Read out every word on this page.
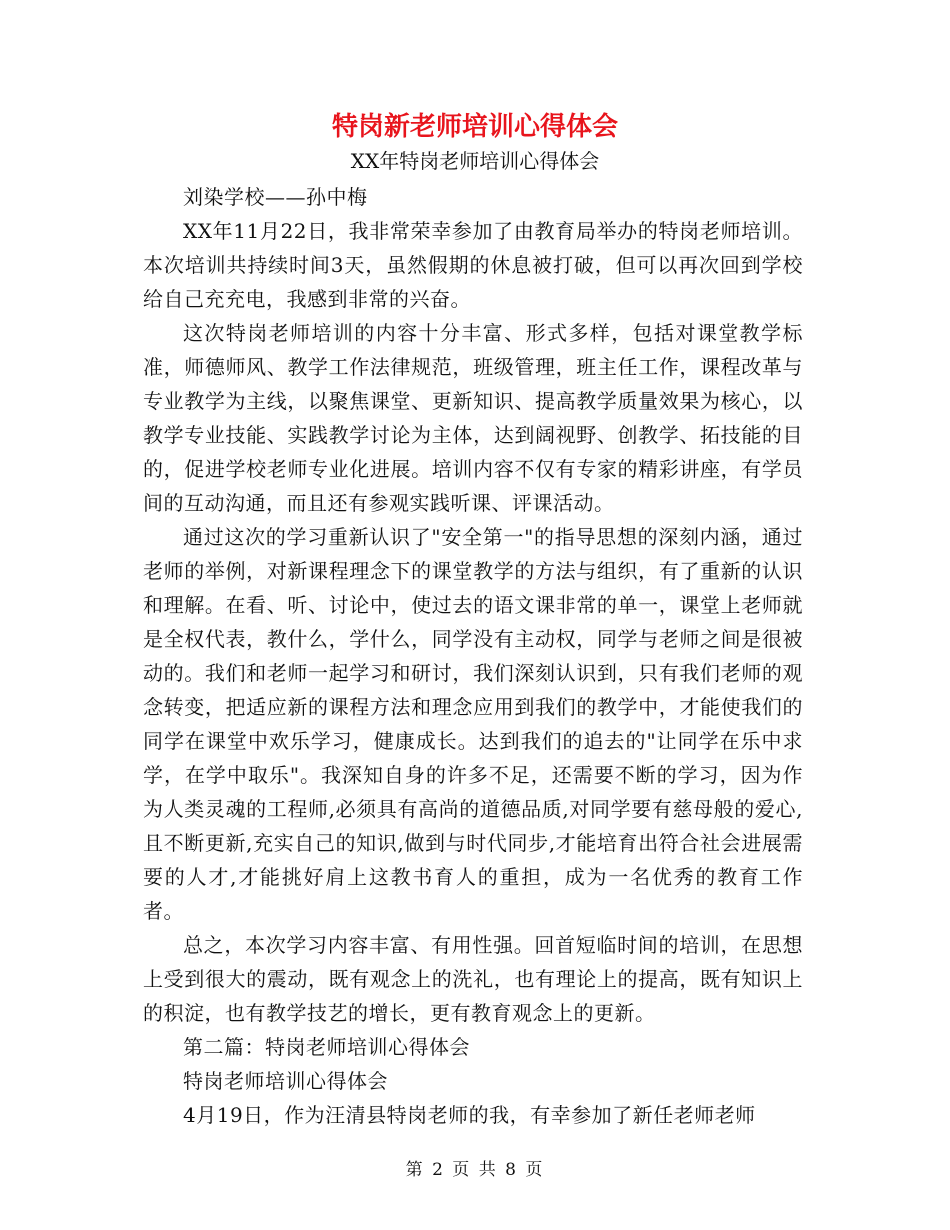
特岗新老师培训心得体会
XX年特岗老师培训心得体会

刘染学校——孙中梅

XX年11月22日，我非常荣幸参加了由教育局举办的特岗老师培训。本次培训共持续时间3天，虽然假期的休息被打破，但可以再次回到学校给自己充充电，我感到非常的兴奋。

这次特岗老师培训的内容十分丰富、形式多样，包括对课堂教学标准，师德师风、教学工作法律规范，班级管理，班主任工作，课程改革与专业教学为主线，以聚焦课堂、更新知识、提高教学质量效果为核心，以教学专业技能、实践教学讨论为主体，达到阔视野、创教学、拓技能的目的，促进学校老师专业化进展。培训内容不仅有专家的精彩讲座，有学员间的互动沟通，而且还有参观实践听课、评课活动。

通过这次的学习重新认识了"安全第一"的指导思想的深刻内涵，通过老师的举例，对新课程理念下的课堂教学的方法与组织，有了重新的认识和理解。在看、听、讨论中，使过去的语文课非常的单一，课堂上老师就是全权代表，教什么，学什么，同学没有主动权，同学与老师之间是很被动的。我们和老师一起学习和研讨，我们深刻认识到，只有我们老师的观念转变，把适应新的课程方法和理念应用到我们的教学中，才能使我们的同学在课堂中欢乐学习，健康成长。达到我们的追去的"让同学在乐中求学，在学中取乐"。我深知自身的许多不足，还需要不断的学习，因为作为人类灵魂的工程师,必须具有高尚的道德品质,对同学要有慈母般的爱心,且不断更新,充实自己的知识,做到与时代同步,才能培育出符合社会进展需要的人才,才能挑好肩上这教书育人的重担，成为一名优秀的教育工作者。

总之，本次学习内容丰富、有用性强。回首短临时间的培训，在思想上受到很大的震动，既有观念上的洗礼，也有理论上的提高，既有知识上的积淀，也有教学技艺的增长，更有教育观念上的更新。

第二篇：特岗老师培训心得体会

特岗老师培训心得体会

4月19日，作为汪清县特岗老师的我，有幸参加了新任老师老师

第 2 页 共 8 页
